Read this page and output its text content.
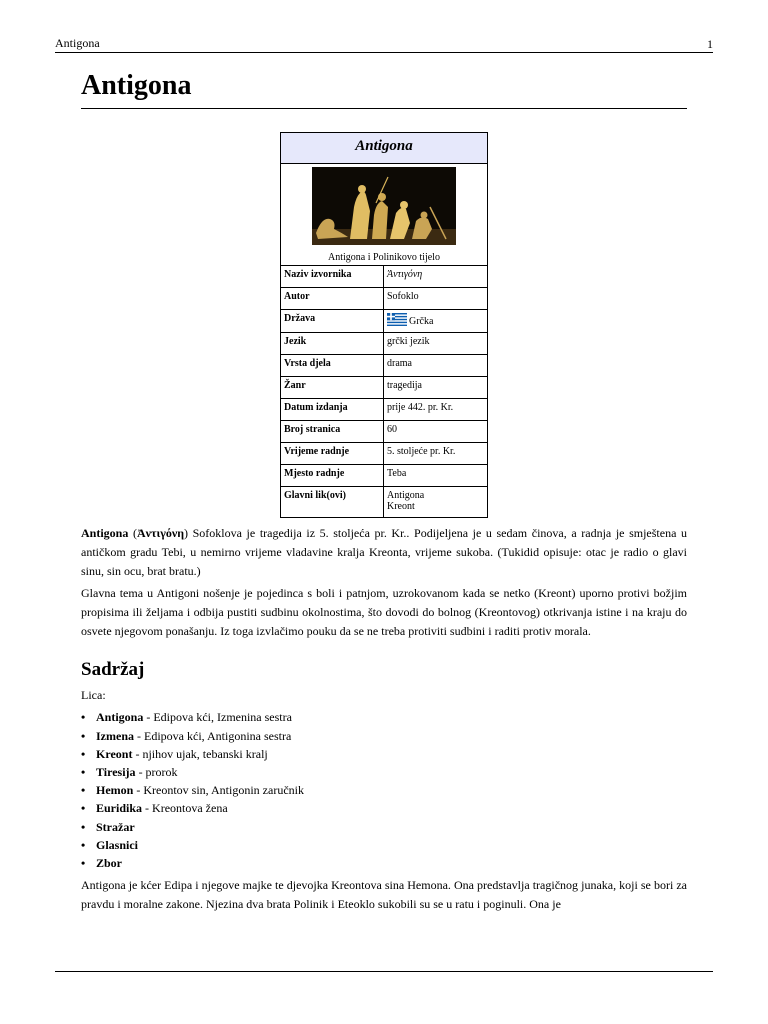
Antigona	1
Antigona
Antigona
Antigona i Polinikovo tijelo
Naziv izvornika	Ἀντιγόνη
Autor	Sofoklo
Država	Grčka
Jezik	grčki jezik
Vrsta djela	drama
Žanr	tragedija
Datum izdanja	prije 442. pr. Kr.
Broj stranica	60
Vrijeme radnje	5. stoljeće pr. Kr.
Mjesto radnje	Teba
Glavni lik(ovi)	Antigona
Kreont

Antigona (Ἀντιγόνη) Sofoklova je tragedija iz 5. stoljeća pr. Kr.. Podijeljena je u sedam činova, a radnja je smještena u antičkom gradu Tebi, u nemirno vrijeme vladavine kralja Kreonta, vrijeme sukoba. (Tukidid opisuje: otac je radio o glavi sinu, sin ocu, brat bratu.)

Glavna tema u Antigoni nošenje je pojedinca s boli i patnjom, uzrokovanom kada se netko (Kreont) uporno protivi božjim propisima ili željama i odbija pustiti sudbinu okolnostima, što dovodi do bolnog (Kreontovog) otkrivanja istine i na kraju do osvete njegovom ponašanju. Iz toga izvlačimo pouku da se ne treba protiviti sudbini i raditi protiv morala.

Sadržaj
Lica:
• Antigona - Edipova kći, Izmenina sestra
• Izmena - Edipova kći, Antigonina sestra
• Kreont - njihov ujak, tebanski kralj
• Tiresija - prorok
• Hemon - Kreontov sin, Antigonin zaručnik
• Euridika - Kreontova žena
• Stražar
• Glasnici
• Zbor

Antigona je kćer Edipa i njegove majke te djevojka Kreontova sina Hemona. Ona predstavlja tragičnog junaka, koji se bori za pravdu i moralne zakone. Njezina dva brata Polinik i Eteoklo sukobili su se u ratu i poginuli. Ona je
